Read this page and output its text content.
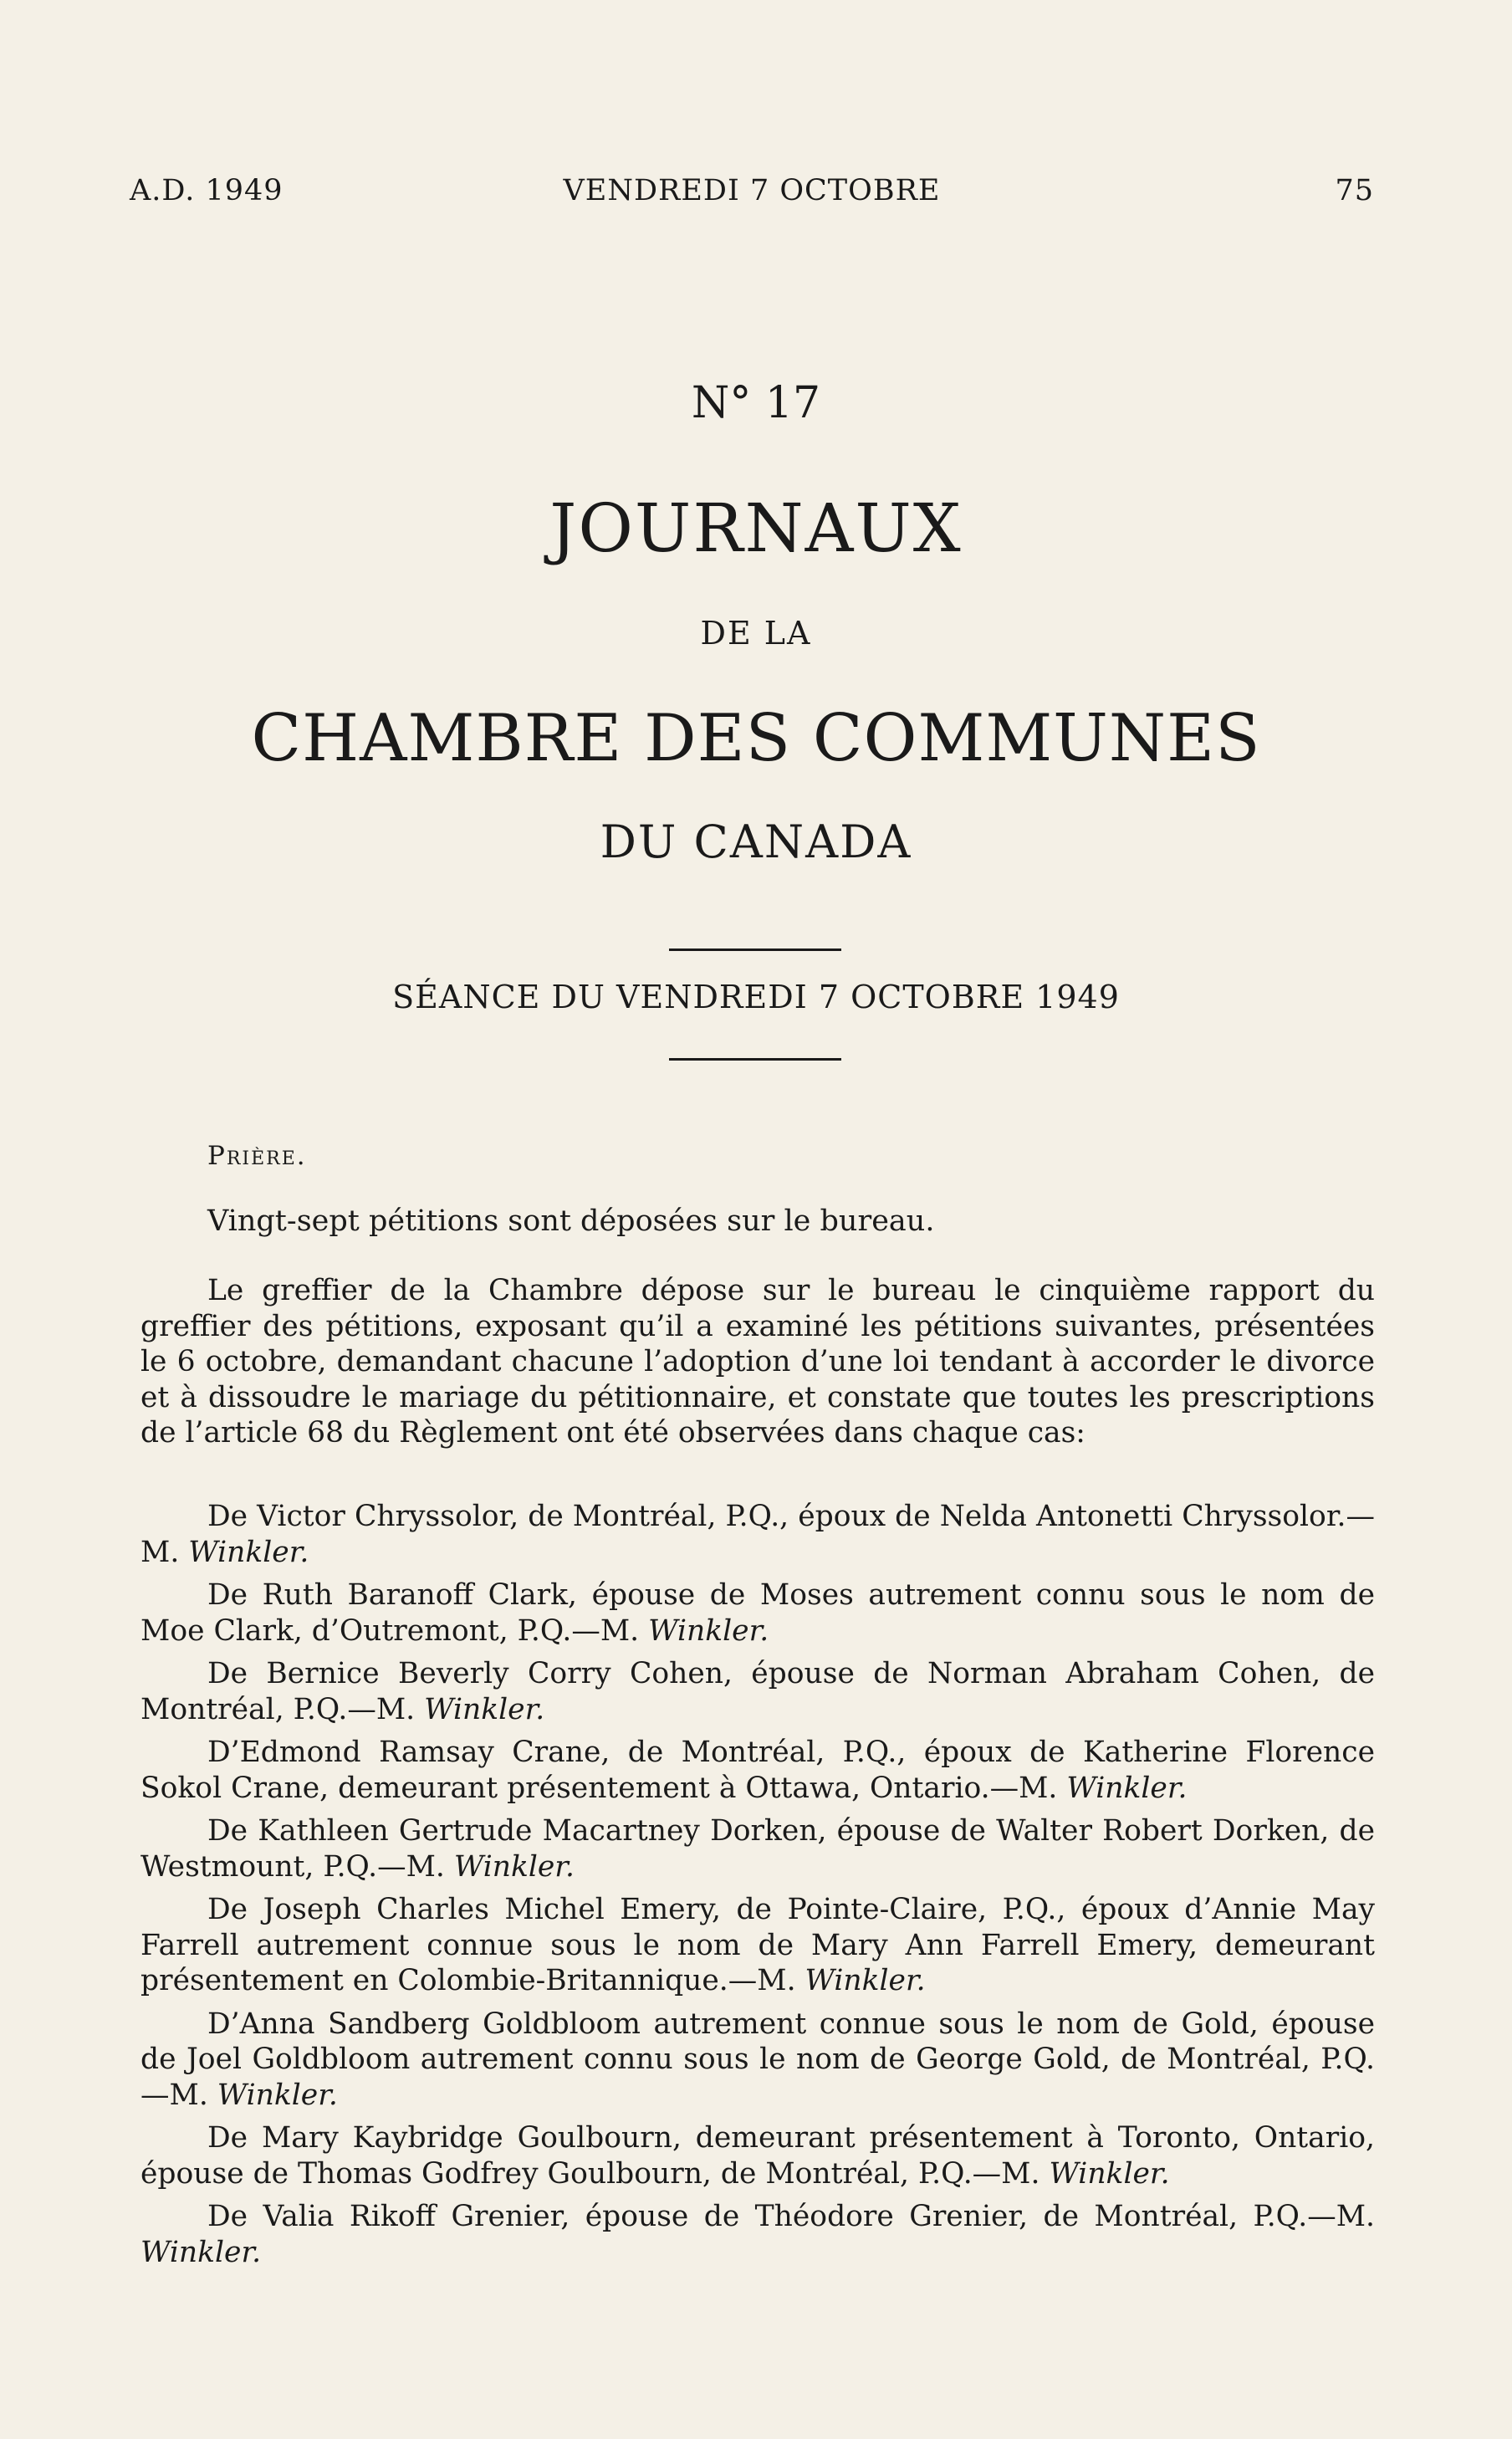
A.D. 1949	VENDREDI 7 OCTOBRE	75
N° 17
JOURNAUX
DE LA
CHAMBRE DES COMMUNES
DU CANADA
SÉANCE DU VENDREDI 7 OCTOBRE 1949
Prière.
Vingt-sept pétitions sont déposées sur le bureau.

Le greffier de la Chambre dépose sur le bureau le cinquième rapport du greffier des pétitions, exposant qu’il a examiné les pétitions suivantes, présentées le 6 octobre, demandant chacune l’adoption d’une loi tendant à accorder le divorce et à dissoudre le mariage du pétitionnaire, et constate que toutes les prescriptions de l’article 68 du Règlement ont été observées dans chaque cas:

De Victor Chryssolor, de Montréal, P.Q., époux de Nelda Antonetti Chryssolor.—M. Winkler.

De Ruth Baranoff Clark, épouse de Moses autrement connu sous le nom de Moe Clark, d’Outremont, P.Q.—M. Winkler.

De Bernice Beverly Corry Cohen, épouse de Norman Abraham Cohen, de Montréal, P.Q.—M. Winkler.

D’Edmond Ramsay Crane, de Montréal, P.Q., époux de Katherine Florence Sokol Crane, demeurant présentement à Ottawa, Ontario.—M. Winkler.

De Kathleen Gertrude Macartney Dorken, épouse de Walter Robert Dorken, de Westmount, P.Q.—M. Winkler.

De Joseph Charles Michel Emery, de Pointe-Claire, P.Q., époux d’Annie May Farrell autrement connue sous le nom de Mary Ann Farrell Emery, demeurant présentement en Colombie-Britannique.—M. Winkler.

D’Anna Sandberg Goldbloom autrement connue sous le nom de Gold, épouse de Joel Goldbloom autrement connu sous le nom de George Gold, de Montréal, P.Q.—M. Winkler.

De Mary Kaybridge Goulbourn, demeurant présentement à Toronto, Ontario, épouse de Thomas Godfrey Goulbourn, de Montréal, P.Q.—M. Winkler.

De Valia Rikoff Grenier, épouse de Théodore Grenier, de Montréal, P.Q.—M. Winkler.
